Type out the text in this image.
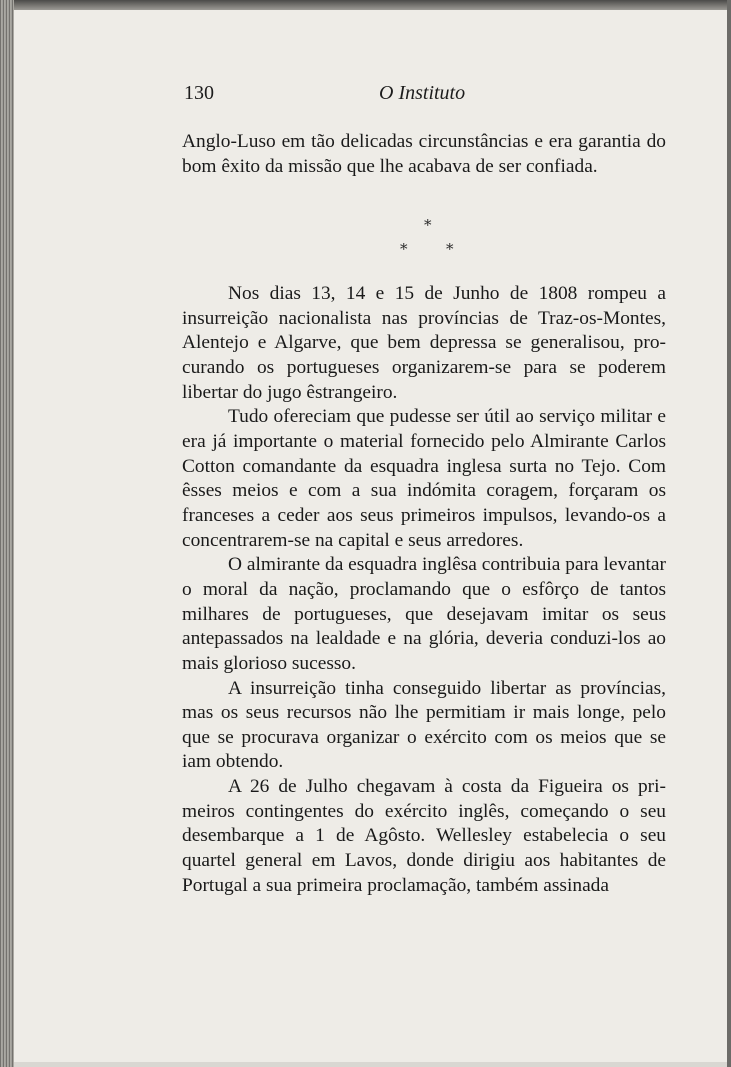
130	O Instituto

Anglo-Luso em tão delicadas circunstâncias e era garantia do bom êxito da missão que lhe acabava de ser confiada.

*
*	*

Nos dias 13, 14 e 15 de Junho de 1808 rompeu a insurreição nacionalista nas províncias de Traz-os-Montes, Alentejo e Algarve, que bem depressa se generalisou, procurando os portugueses organizarem-se para se poderem libertar do jugo êstrangeiro.

Tudo ofereciam que pudesse ser útil ao serviço militar e era já importante o material fornecido pelo Almirante Carlos Cotton comandante da esquadra inglesa surta no Tejo. Com êsses meios e com a sua indómita coragem, forçaram os franceses a ceder aos seus primeiros impulsos, levando-os a concentrarem-se na capital e seus arredores.

O almirante da esquadra inglêsa contribuia para levantar o moral da nação, proclamando que o esfôrço de tantos milhares de portugueses, que desejavam imitar os seus antepassados na lealdade e na glória, deveria conduzi-los ao mais glorioso sucesso.

A insurreição tinha conseguido libertar as províncias, mas os seus recursos não lhe permitiam ir mais longe, pelo que se procurava organizar o exército com os meios que se iam obtendo.

A 26 de Julho chegavam à costa da Figueira os primeiros contingentes do exército inglês, começando o seu desembarque a 1 de Agôsto. Wellesley estabelecia o seu quartel general em Lavos, donde dirigiu aos habitantes de Portugal a sua primeira proclamação, também assinada
